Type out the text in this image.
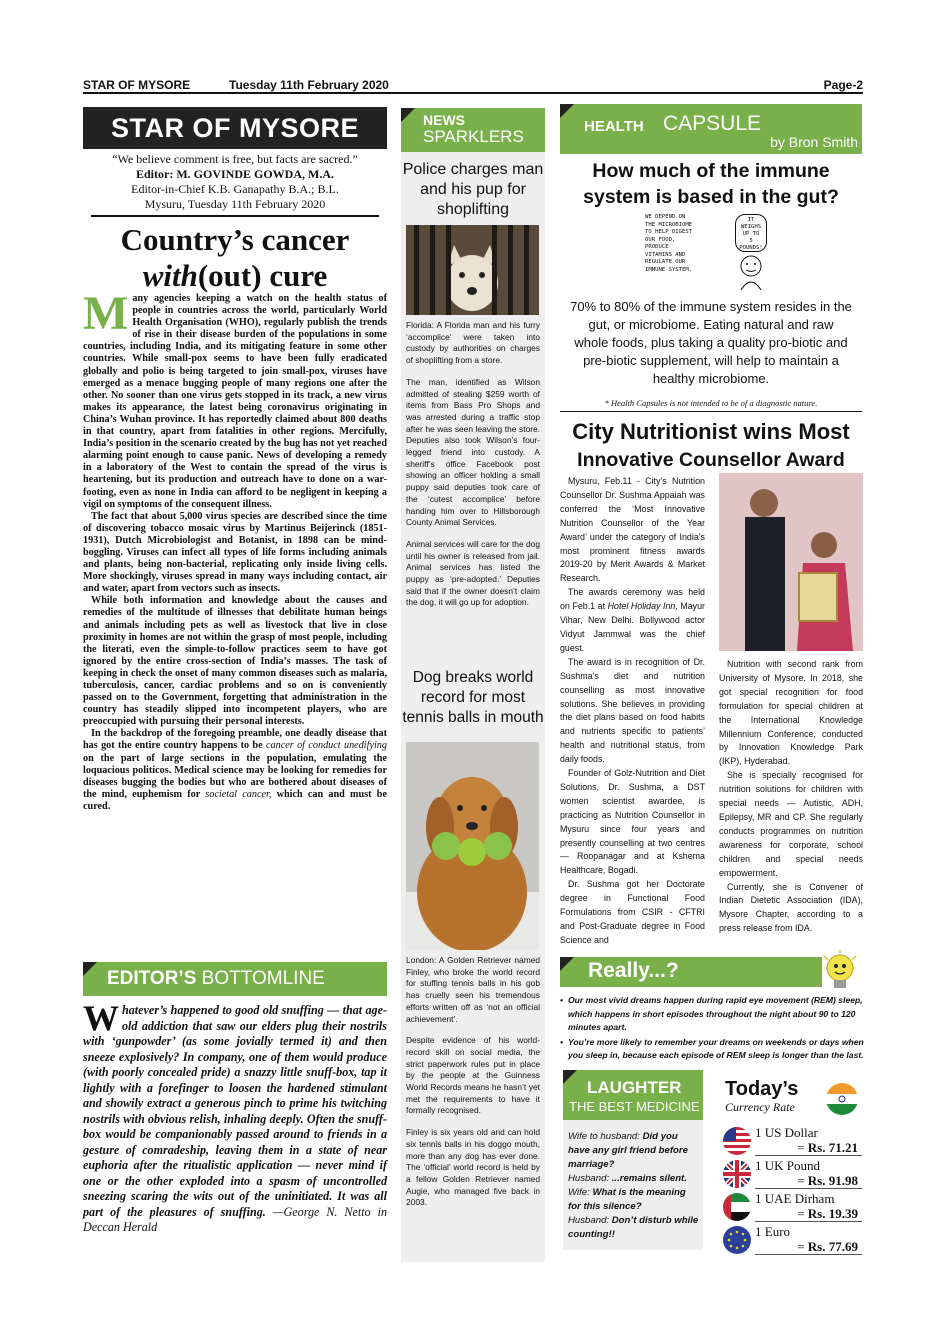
STAR OF MYSORE	Tuesday 11th February 2020	Page-2
STAR OF MYSORE
“We believe comment is free, but facts are sacred.”
Editor: M. GOVINDE GOWDA, M.A.
Editor-in-Chief K.B. Ganapathy B.A.; B.L.
Mysuru, Tuesday 11th February 2020
Country’s cancer
with(out) cure

Many agencies keeping a watch on the health status of people in countries across the world, particularly World Health Organisation (WHO), regularly publish the trends of rise in their disease burden of the populations in some countries, including India, and its mitigating feature in some other countries. While small-pox seems to have been fully eradicated globally and polio is being targeted to join small-pox, viruses have emerged as a menace bugging people of many regions one after the other. No sooner than one virus gets stopped in its track, a new virus makes its appearance, the latest being coronavirus originating in China’s Wuhan province. It has reportedly claimed about 800 deaths in that country, apart from fatalities in other regions. Mercifully, India’s position in the scenario created by the bug has not yet reached alarming point enough to cause panic. News of developing a remedy in a laboratory of the West to contain the spread of the virus is heartening, but its production and outreach have to done on a war-footing, even as none in India can afford to be negligent in keeping a vigil on symptoms of the consequent illness.

The fact that about 5,000 virus species are described since the time of discovering tobacco mosaic virus by Martinus Beijerinck (1851-1931), Dutch Microbiologist and Botanist, in 1898 can be mind-boggling. Viruses can infect all types of life forms including animals and plants, being non-bacterial, replicating only inside living cells. More shockingly, viruses spread in many ways including contact, air and water, apart from vectors such as insects.

While both information and knowledge about the causes and remedies of the multitude of illnesses that debilitate human beings and animals including pets as well as livestock that live in close proximity in homes are not within the grasp of most people, including the literati, even the simple-to-follow practices seem to have got ignored by the entire cross-section of India’s masses. The task of keeping in check the onset of many common diseases such as malaria, tuberculosis, cancer, cardiac problems and so on is conveniently passed on to the Government, forgetting that administration in the country has steadily slipped into incompetent players, who are preoccupied with pursuing their personal interests.

In the backdrop of the foregoing preamble, one deadly disease that has got the entire country happens to be cancer of conduct unedifying on the part of large sections in the population, emulating the loquacious politicos. Medical science may be looking for remedies for diseases bugging the bodies but who are bothered about diseases of the mind, euphemism for societal cancer, which can and must be cured.

EDITOR’S BOTTOMLINE
Whatever’s happened to good old snuffing — that age-old addiction that saw our elders plug their nostrils with ‘gunpowder’ (as some jovially termed it) and then sneeze explosively? In company, one of them would produce (with poorly concealed pride) a snazzy little snuff-box, tap it lightly with a forefinger to loosen the hardened stimulant and showily extract a generous pinch to prime his twitching nostrils with obvious relish, inhaling deeply. Often the snuff-box would be companionably passed around to friends in a gesture of comradeship, leaving them in a state of near euphoria after the ritualistic application — never mind if one or the other exploded into a spasm of uncontrolled sneezing scaring the wits out of the uninitiated. It was all part of the pleasures of snuffing. —George N. Netto in Deccan Herald
NEWS
SPARKLERS
Police charges man and his pup for shoplifting

Florida: A Florida man and his furry ‘accomplice’ were taken into custody by authorities on charges of shoplifting from a store.

The man, identified as Wilson admitted of stealing $259 worth of items from Bass Pro Shops and was arrested during a traffic stop after he was seen leaving the store. Deputies also took Wilson’s four-legged friend into custody. A sheriff’s office Facebook post showing an officer holding a small puppy said deputies took care of the ‘cutest accomplice’ before handing him over to Hillsborough County Animal Services.

Animal services will care for the dog until his owner is released from jail. Animal services has listed the puppy as ‘pre-adopted.’ Deputies said that if the owner doesn’t claim the dog, it will go up for adoption.

Dog breaks world record for most tennis balls in mouth

London: A Golden Retriever named Finley, who broke the world record for stuffing tennis balls in his gob has cruelly seen his tremendous efforts written off as ‘not an official achievement’.

Despite evidence of his world-record skill on social media, the strict paperwork rules put in place by the people at the Guinness World Records means he hasn’t yet met the requirements to have it formally recognised.

Finley is six years old and can hold six tennis balls in his doggo mouth, more than any dog has ever done. The ‘official’ world record is held by a fellow Golden Retriever named Augie, who managed five back in 2003.

HEALTH CAPSULE
by Bron Smith
How much of the immune system is based in the gut?
WE DEPEND ON
THE MICROBIOME
TO HELP DIGEST
OUR FOOD,
PRODUCE
VITAMINS AND
REGULATE OUR
IMMUNE SYSTEM.
IT
WEIGHS
UP TO
5
POUNDS!
70% to 80% of the immune system resides in the gut, or microbiome. Eating natural and raw whole foods, plus taking a quality pro-biotic and pre-biotic supplement, will help to maintain a healthy microbiome.
* Health Capsules is not intended to be of a diagnostic nature.
City Nutritionist wins Most
Innovative Counsellor Award

Mysuru, Feb.11 - City’s Nutrition Counsellor Dr. Sushma Appaiah was conferred the ‘Most Innovative Nutrition Counsellor of the Year Award’ under the category of India’s most prominent fitness awards 2019-20 by Merit Awards & Market Research.

The awards ceremony was held on Feb.1 at Hotel Holiday Inn, Mayur Vihar, New Delhi. Bollywood actor Vidyut Jammwal was the chief guest.

The award is in recognition of Dr. Sushma’s diet and nutrition counselling as most innovative solutions. She believes in providing the diet plans based on food habits and nutrients specific to patients’ health and nutritional status, from daily foods.

Founder of Golz-Nutrition and Diet Solutions, Dr. Sushma, a DST women scientist awardee, is practicing as Nutrition Counsellor in Mysuru since four years and presently counselling at two centres — Roopanagar and at Kshema Healthcare, Bogadi.

Dr. Sushma got her Doctorate degree in Functional Food Formulations from CSIR - CFTRI and Post-Graduate degree in Food Science and

Nutrition with second rank from University of Mysore. In 2018, she got special recognition for food formulation for special children at the International Knowledge Millennium Conference, conducted by Innovation Knowledge Park (IKP), Hyderabad.

She is specially recognised for nutrition solutions for children with special needs — Autistic, ADH, Epilepsy, MR and CP. She regularly conducts programmes on nutrition awareness for corporate, school children and special needs empowerment.

Currently, she is Convener of Indian Dietetic Association (IDA), Mysore Chapter, according to a press release from IDA.

Really...?
• Our most vivid dreams happen during rapid eye movement (REM) sleep, which happens in short episodes throughout the night about 90 to 120 minutes apart.
• You’re more likely to remember your dreams on weekends or days when you sleep in, because each episode of REM sleep is longer than the last.
LAUGHTER
THE BEST MEDICINE
Wife to husband: Did you have any girl friend before marriage?
Husband: ...remains silent.
Wife: What is the meaning for this silence?
Husband: Don’t disturb while counting!!
Today’s
Currency Rate
1 US Dollar
= Rs. 71.21
1 UK Pound
= Rs. 91.98
1 UAE Dirham
= Rs. 19.39
1 Euro
= Rs. 77.69
